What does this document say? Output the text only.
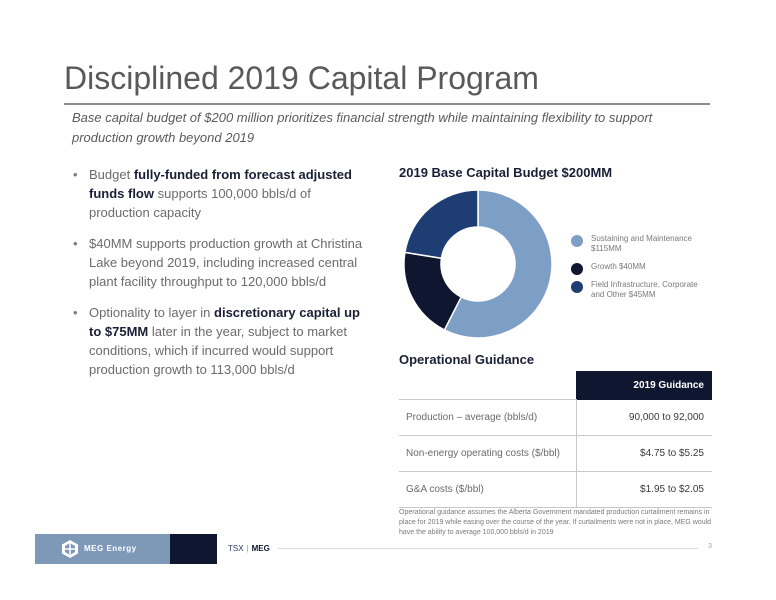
Disciplined 2019 Capital Program
Base capital budget of $200 million prioritizes financial strength while maintaining flexibility to support production growth beyond 2019
• Budget fully-funded from forecast adjusted funds flow supports 100,000 bbls/d of production capacity
• $40MM supports production growth at Christina Lake beyond 2019, including increased central plant facility throughput to 120,000 bbls/d
• Optionality to layer in discretionary capital up to $75MM later in the year, subject to market conditions, which if incurred would support production growth to 113,000 bbls/d
2019 Base Capital Budget $200MM
Sustaining and Maintenance $115MM
Growth $40MM
Field Infrastructure, Corporate and Other $45MM
Operational Guidance
	2019 Guidance
Production – average (bbls/d)	90,000 to 92,000
Non-energy operating costs ($/bbl)	$4.75 to $5.25
G&A costs ($/bbl)	$1.95 to $2.05
Operational guidance assumes the Alberta Government mandated production curtailment remains in place for 2019 while easing over the course of the year. If curtailments were not in place, MEG would have the ability to average 100,000 bbls/d in 2019
MEG Energy	TSX | MEG	3
